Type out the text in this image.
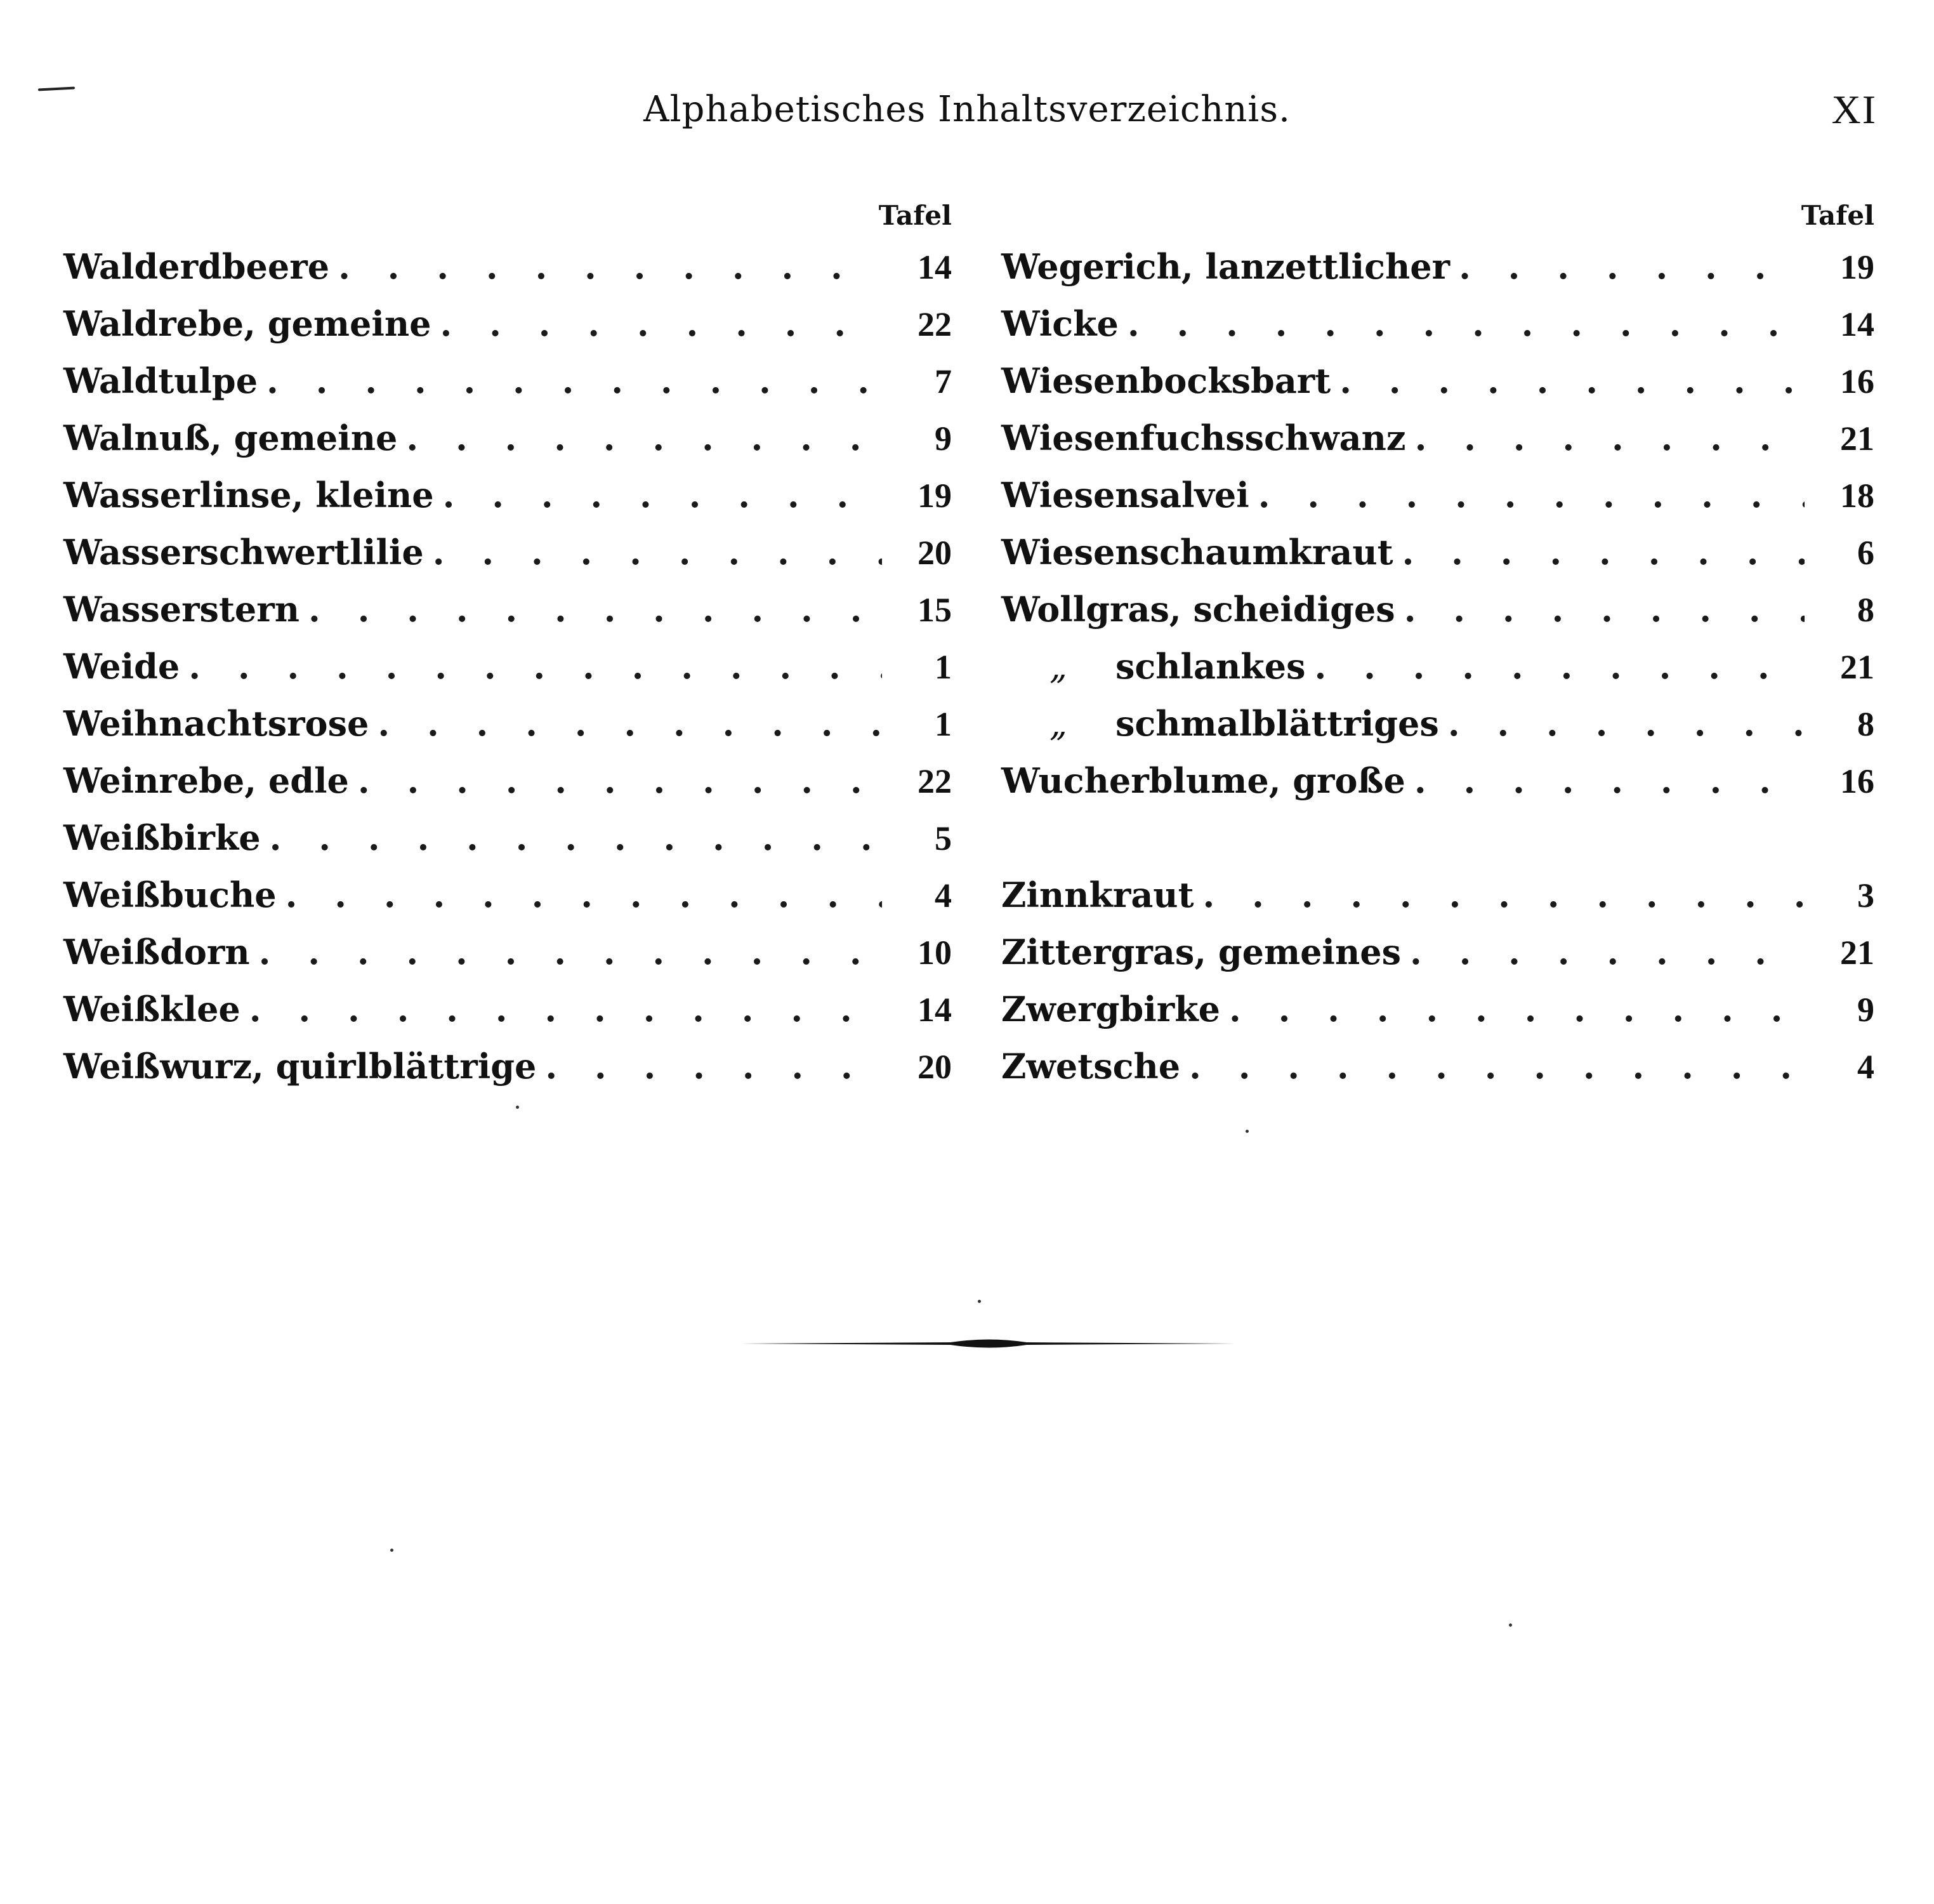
Alphabetisches Inhaltsverzeichnis.	XI
Tafel
Walderdbeere . . .	14
Waldrebe, gemeine . . .	22
Waldtulpe . . .	7
Walnuß, gemeine . . .	9
Wasserlinse, kleine . . .	19
Wasserschwertlilie . . .	20
Wasserstern . . .	15
Weide . . .	1
Weihnachtsrose . . .	1
Weinrebe, edle . . .	22
Weißbirke . . .	5
Weißbuche . . .	4
Weißdorn . . .	10
Weißklee . . .	14
Weißwurz, quirlblättrige . . .	20
Tafel
Wegerich, lanzettlicher . . .	19
Wicke . . .	14
Wiesenbocksbart . . .	16
Wiesenfuchsschwanz . . .	21
Wiesensalvei . . .	18
Wiesenschaumkraut . . .	6
Wollgras, scheidiges . . .	8
„ schlankes . . .	21
„ schmalblättriges . . .	8
Wucherblume, große . . .	16
Zinnkraut . . .	3
Zittergras, gemeines . . .	21
Zwergbirke . . .	9
Zwetsche . . .	4
